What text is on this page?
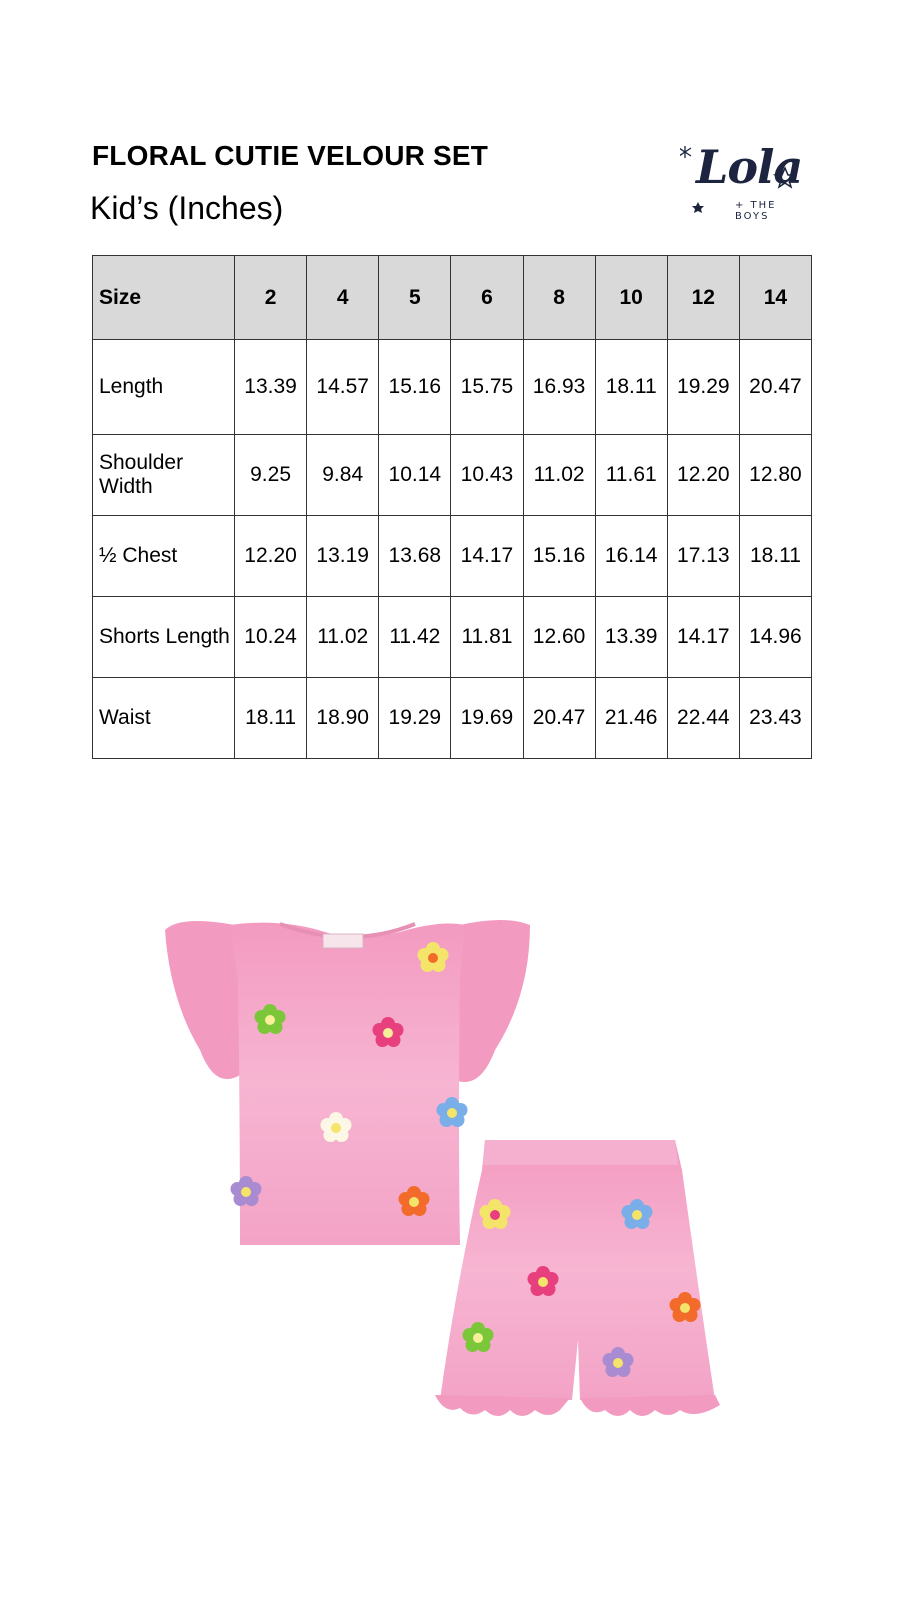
FLORAL CUTIE VELOUR SET
Kid’s (Inches)
Lola
+ THE BOYS
Size	2	4	5	6	8	10	12	14
Length	13.39	14.57	15.16	15.75	16.93	18.11	19.29	20.47
Shoulder Width	9.25	9.84	10.14	10.43	11.02	11.61	12.20	12.80
½ Chest	12.20	13.19	13.68	14.17	15.16	16.14	17.13	18.11
Shorts Length	10.24	11.02	11.42	11.81	12.60	13.39	14.17	14.96
Waist	18.11	18.90	19.29	19.69	20.47	21.46	22.44	23.43
